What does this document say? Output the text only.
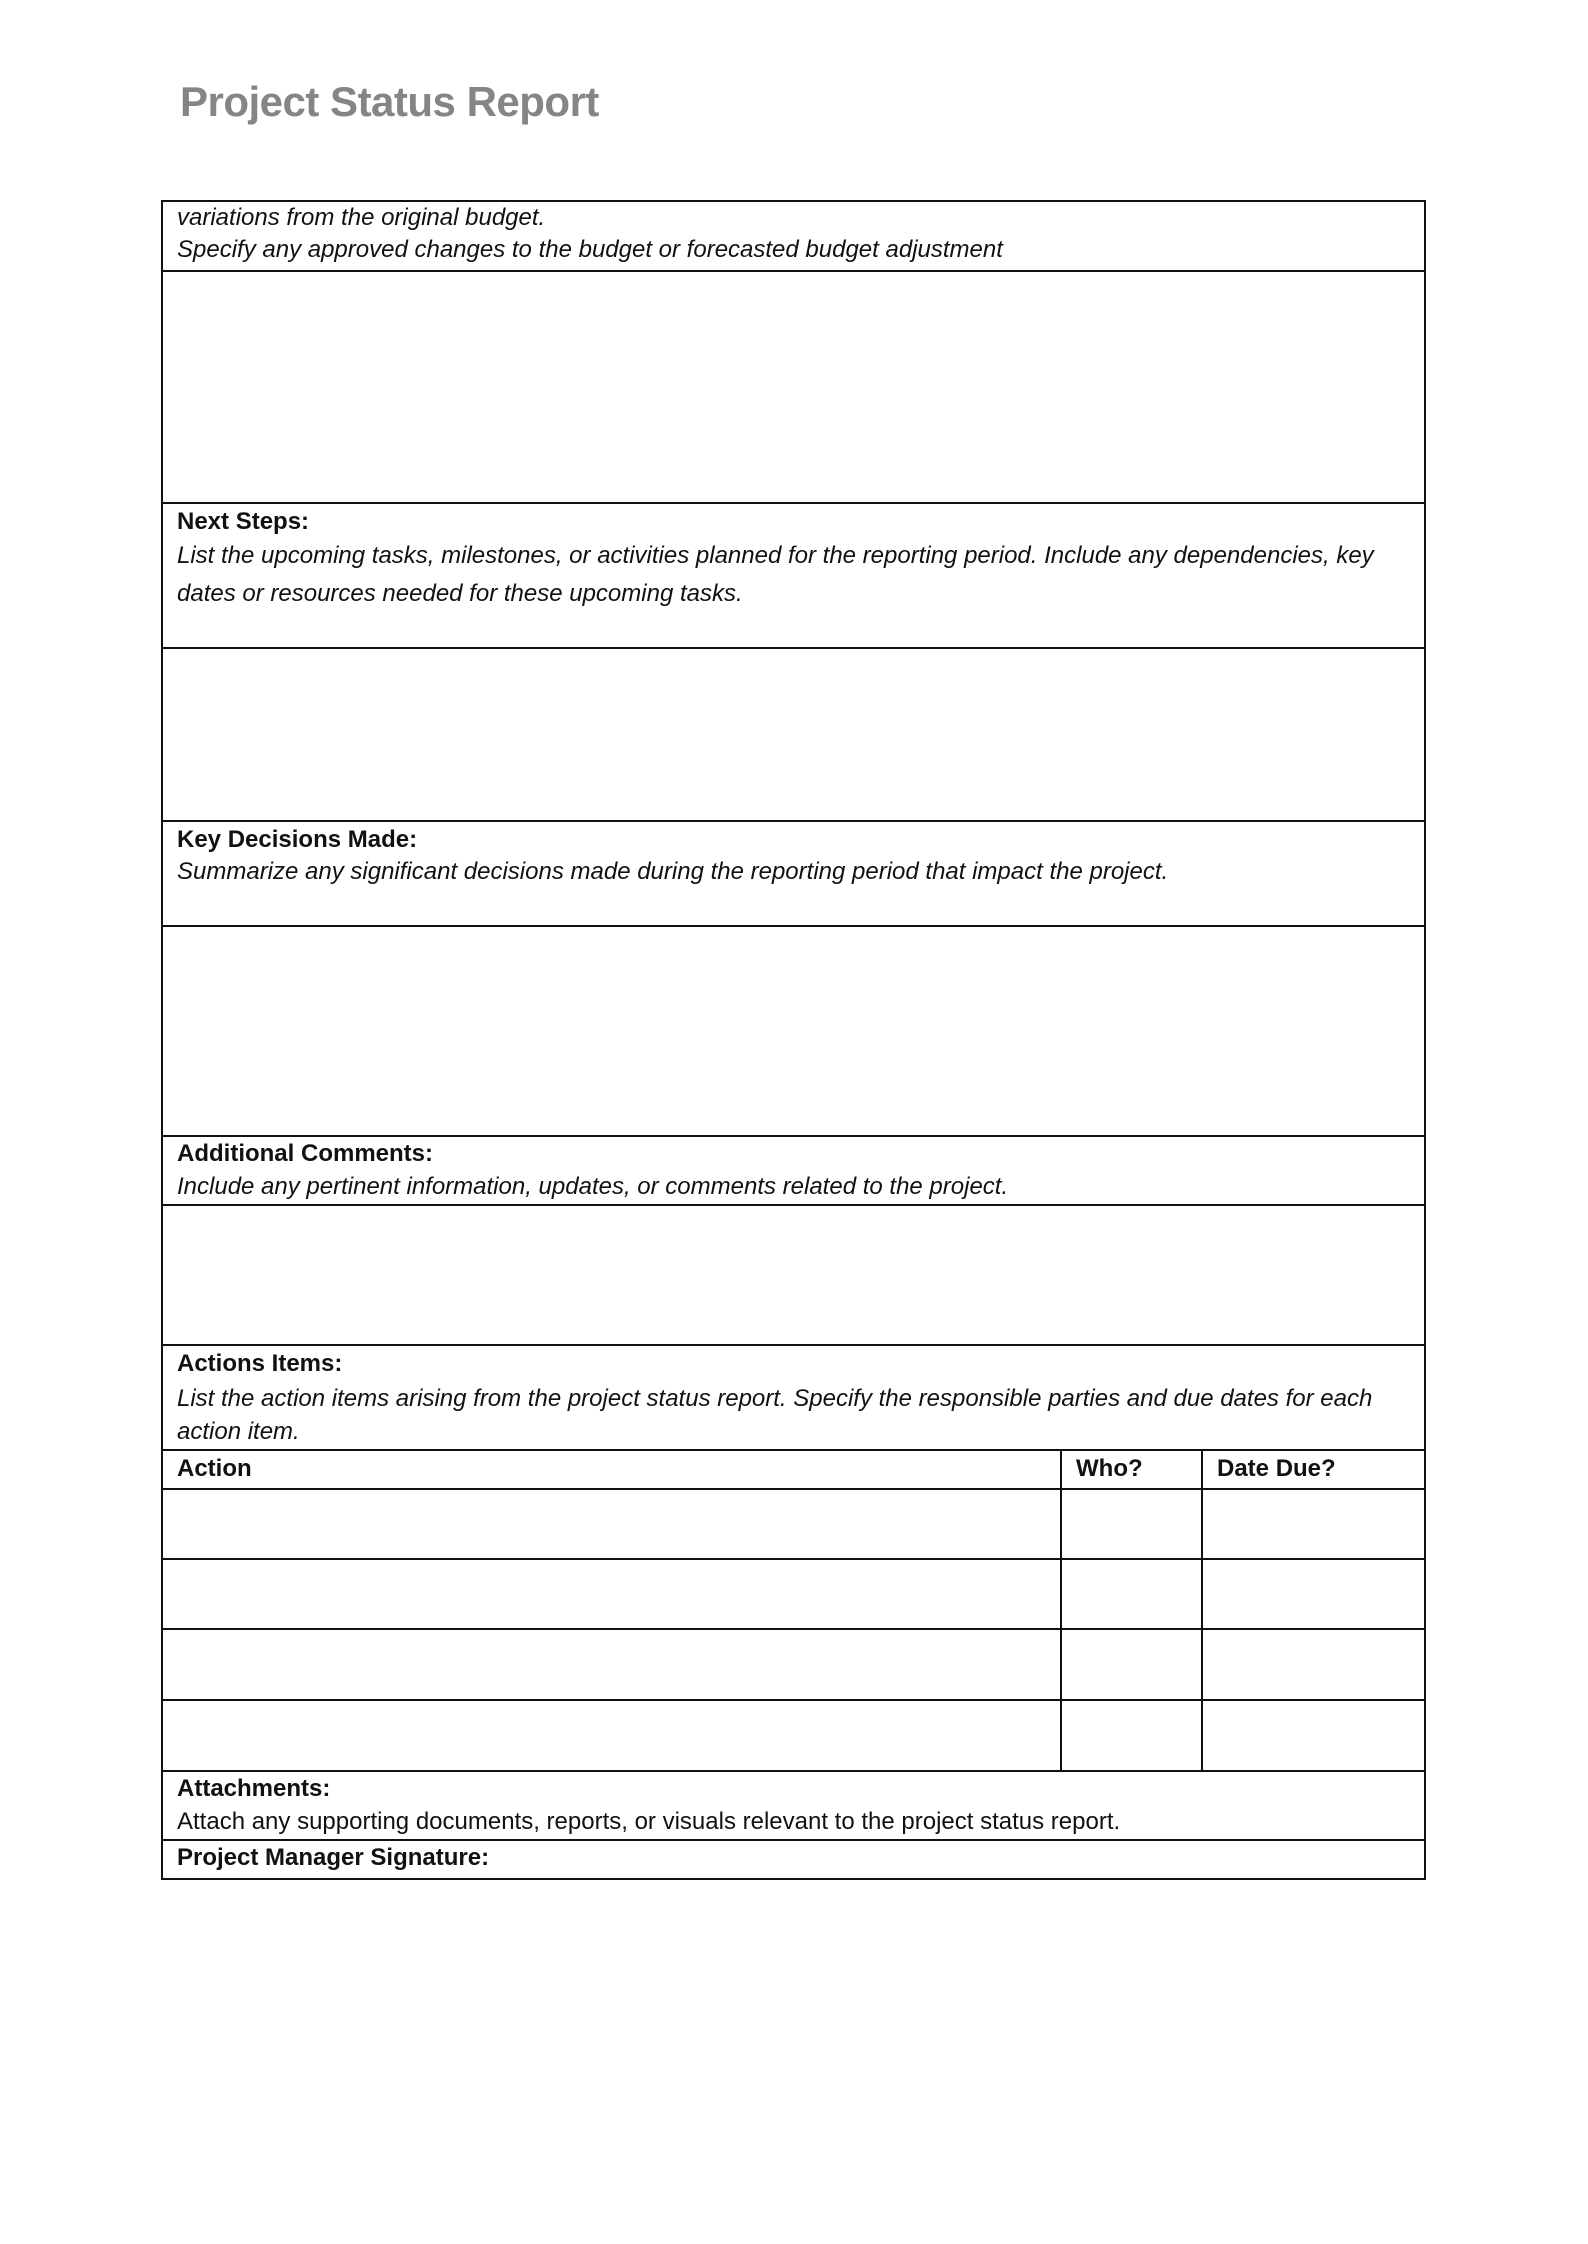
Project Status Report
variations from the original budget.
Specify any approved changes to the budget or forecasted budget adjustment
Next Steps:
List the upcoming tasks, milestones, or activities planned for the reporting period. Include any dependencies, key dates or resources needed for these upcoming tasks.
Key Decisions Made:
Summarize any significant decisions made during the reporting period that impact the project.
Additional Comments:
Include any pertinent information, updates, or comments related to the project.
Actions Items:
List the action items arising from the project status report. Specify the responsible parties and due dates for each action item.
Action	Who?	Date Due?
Attachments:
Attach any supporting documents, reports, or visuals relevant to the project status report.
Project Manager Signature:
